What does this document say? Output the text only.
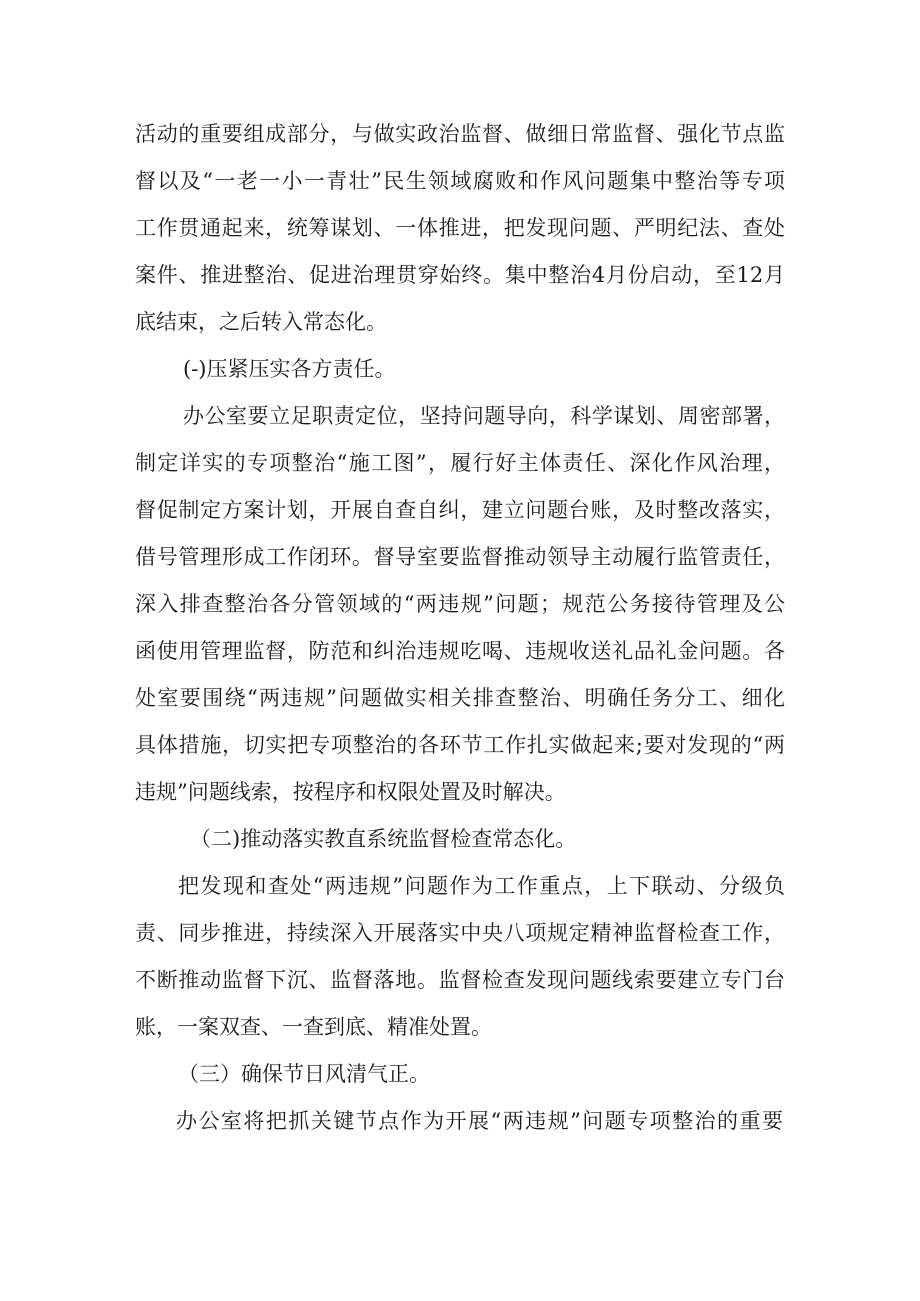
活动的重要组成部分，与做实政治监督、做细日常监督、强化节点监
督以及“一老一小一青壮”民生领域腐败和作风问题集中整治等专项
工作贯通起来，统筹谋划、一体推进，把发现问题、严明纪法、查处
案件、推进整治、促进治理贯穿始终。集中整治4月份启动，至12月
底结束，之后转入常态化。
(-)压紧压实各方责任。
办公室要立足职责定位，坚持问题导向，科学谋划、周密部署，
制定详实的专项整治“施工图”，履行好主体责任、深化作风治理，
督促制定方案计划，开展自查自纠，建立问题台账，及时整改落实，
借号管理形成工作闭环。督导室要监督推动领导主动履行监管责任，
深入排查整治各分管领域的“两违规”问题；规范公务接待管理及公
函使用管理监督，防范和纠治违规吃喝、违规收送礼品礼金问题。各
处室要围绕“两违规”问题做实相关排查整治、明确任务分工、细化
具体措施，切实把专项整治的各环节工作扎实做起来;要对发现的“两
违规”问题线索，按程序和权限处置及时解决。
（二)推动落实教直系统监督检查常态化。
把发现和查处“两违规”问题作为工作重点，上下联动、分级负
责、同步推进，持续深入开展落实中央八项规定精神监督检查工作，
不断推动监督下沉、监督落地。监督检查发现问题线索要建立专门台
账，一案双查、一查到底、精准处置。
（三）确保节日风清气正。
办公室将把抓关键节点作为开展“两违规”问题专项整治的重要
